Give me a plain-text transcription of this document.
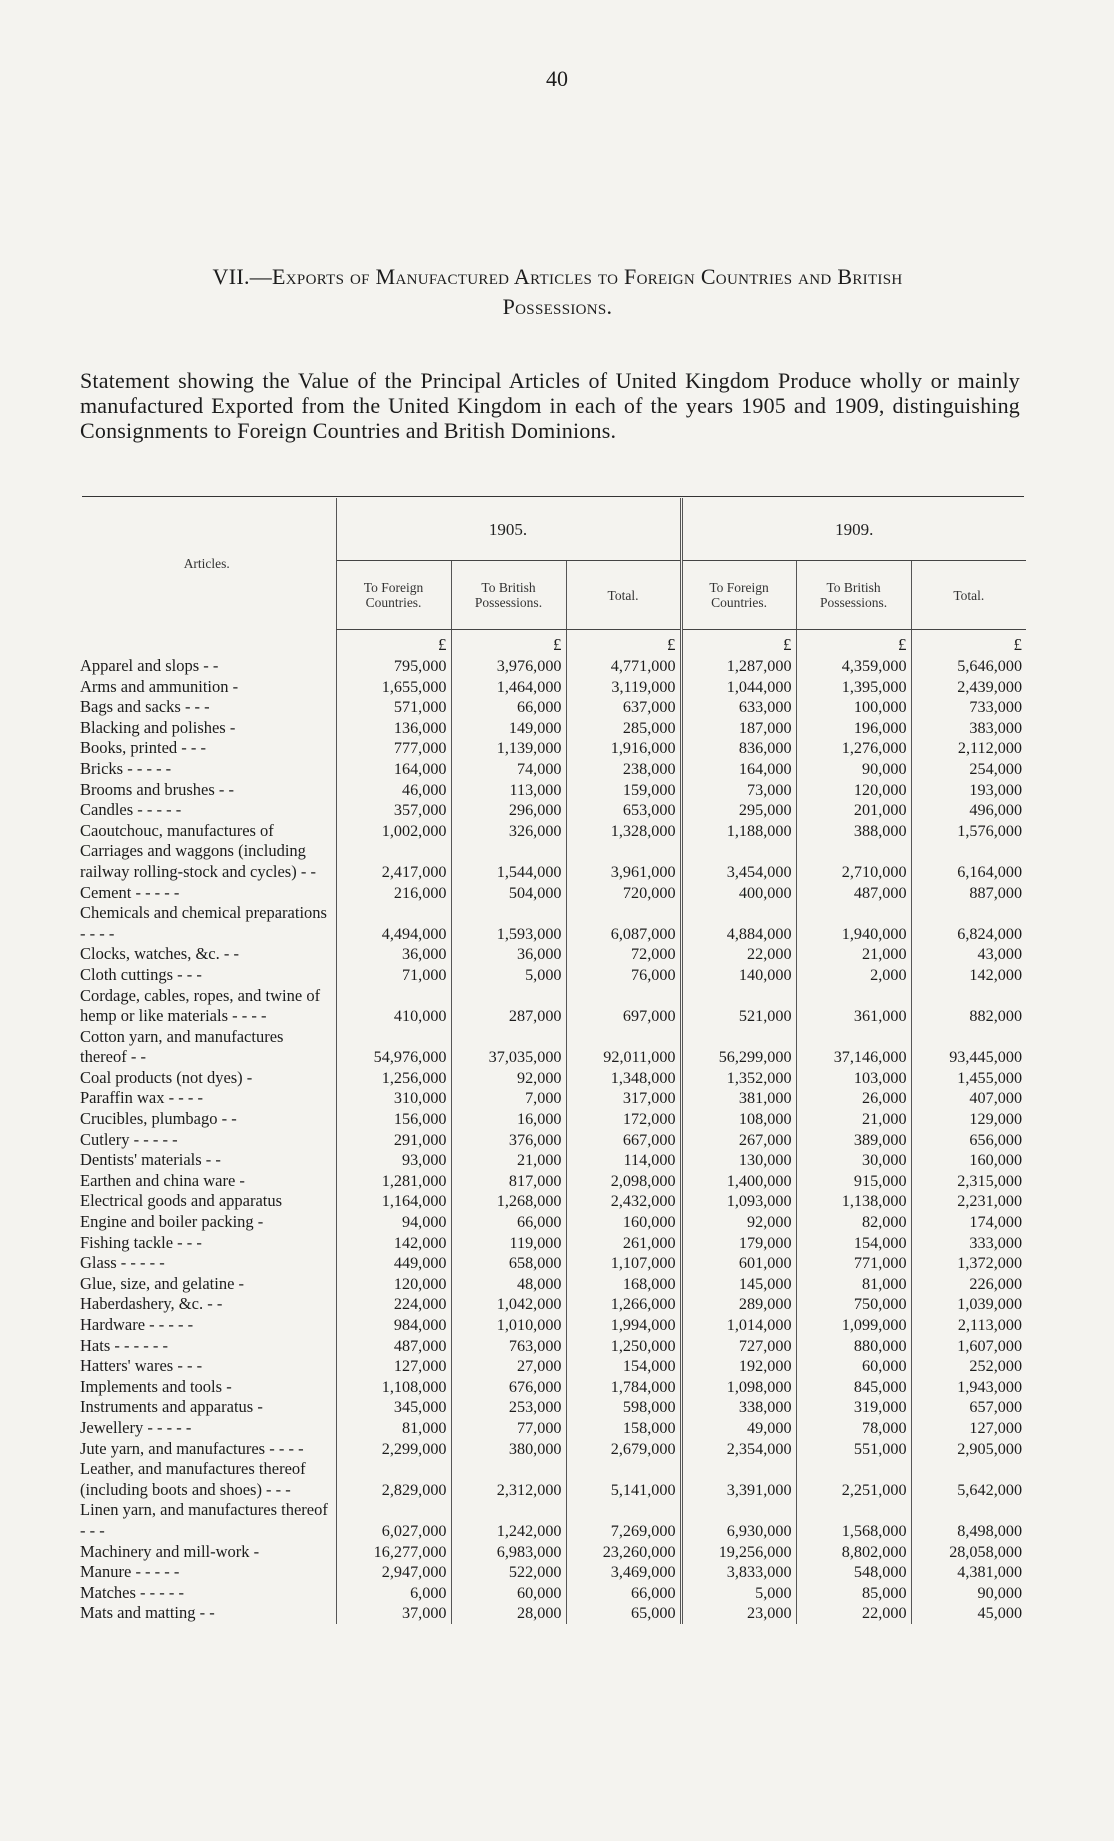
40
VII.—Exports of Manufactured Articles to Foreign Countries and British
Possessions.
Statement showing the Value of the Principal Articles of United Kingdom Produce wholly or mainly manufactured Exported from the United Kingdom in each of the years 1905 and 1909, distinguishing Consignments to Foreign Countries and British Dominions.
Articles.	1905.			1909.		
	To Foreign Countries.	To British Possessions.	Total.	To Foreign Countries.	To British Possessions.	Total.
	£	£	£	£	£	£
Apparel and slops - -	795,000	3,976,000	4,771,000	1,287,000	4,359,000	5,646,000
Arms and ammunition -	1,655,000	1,464,000	3,119,000	1,044,000	1,395,000	2,439,000
Bags and sacks - - -	571,000	66,000	637,000	633,000	100,000	733,000
Blacking and polishes -	136,000	149,000	285,000	187,000	196,000	383,000
Books, printed - - -	777,000	1,139,000	1,916,000	836,000	1,276,000	2,112,000
Bricks - - - - -	164,000	74,000	238,000	164,000	90,000	254,000
Brooms and brushes - -	46,000	113,000	159,000	73,000	120,000	193,000
Candles - - - - -	357,000	296,000	653,000	295,000	201,000	496,000
Caoutchouc, manufactures of	1,002,000	326,000	1,328,000	1,188,000	388,000	1,576,000
Carriages and waggons (including railway rolling-stock and cycles) - -	2,417,000	1,544,000	3,961,000	3,454,000	2,710,000	6,164,000
Cement - - - - -	216,000	504,000	720,000	400,000	487,000	887,000
Chemicals and chemical preparations - - - -	4,494,000	1,593,000	6,087,000	4,884,000	1,940,000	6,824,000
Clocks, watches, &c. - -	36,000	36,000	72,000	22,000	21,000	43,000
Cloth cuttings - - -	71,000	5,000	76,000	140,000	2,000	142,000
Cordage, cables, ropes, and twine of hemp or like materials - - - -	410,000	287,000	697,000	521,000	361,000	882,000
Cotton yarn, and manufactures thereof - -	54,976,000	37,035,000	92,011,000	56,299,000	37,146,000	93,445,000
Coal products (not dyes) -	1,256,000	92,000	1,348,000	1,352,000	103,000	1,455,000
Paraffin wax - - - -	310,000	7,000	317,000	381,000	26,000	407,000
Crucibles, plumbago - -	156,000	16,000	172,000	108,000	21,000	129,000
Cutlery - - - - -	291,000	376,000	667,000	267,000	389,000	656,000
Dentists' materials - -	93,000	21,000	114,000	130,000	30,000	160,000
Earthen and china ware -	1,281,000	817,000	2,098,000	1,400,000	915,000	2,315,000
Electrical goods and apparatus	1,164,000	1,268,000	2,432,000	1,093,000	1,138,000	2,231,000
Engine and boiler packing -	94,000	66,000	160,000	92,000	82,000	174,000
Fishing tackle - - -	142,000	119,000	261,000	179,000	154,000	333,000
Glass - - - - -	449,000	658,000	1,107,000	601,000	771,000	1,372,000
Glue, size, and gelatine -	120,000	48,000	168,000	145,000	81,000	226,000
Haberdashery, &c. - -	224,000	1,042,000	1,266,000	289,000	750,000	1,039,000
Hardware - - - - -	984,000	1,010,000	1,994,000	1,014,000	1,099,000	2,113,000
Hats - - - - - -	487,000	763,000	1,250,000	727,000	880,000	1,607,000
Hatters' wares - - -	127,000	27,000	154,000	192,000	60,000	252,000
Implements and tools -	1,108,000	676,000	1,784,000	1,098,000	845,000	1,943,000
Instruments and apparatus -	345,000	253,000	598,000	338,000	319,000	657,000
Jewellery - - - - -	81,000	77,000	158,000	49,000	78,000	127,000
Jute yarn, and manufactures - - - -	2,299,000	380,000	2,679,000	2,354,000	551,000	2,905,000
Leather, and manufactures thereof (including boots and shoes) - - -	2,829,000	2,312,000	5,141,000	3,391,000	2,251,000	5,642,000
Linen yarn, and manufactures thereof - - -	6,027,000	1,242,000	7,269,000	6,930,000	1,568,000	8,498,000
Machinery and mill-work -	16,277,000	6,983,000	23,260,000	19,256,000	8,802,000	28,058,000
Manure - - - - -	2,947,000	522,000	3,469,000	3,833,000	548,000	4,381,000
Matches - - - - -	6,000	60,000	66,000	5,000	85,000	90,000
Mats and matting - -	37,000	28,000	65,000	23,000	22,000	45,000
